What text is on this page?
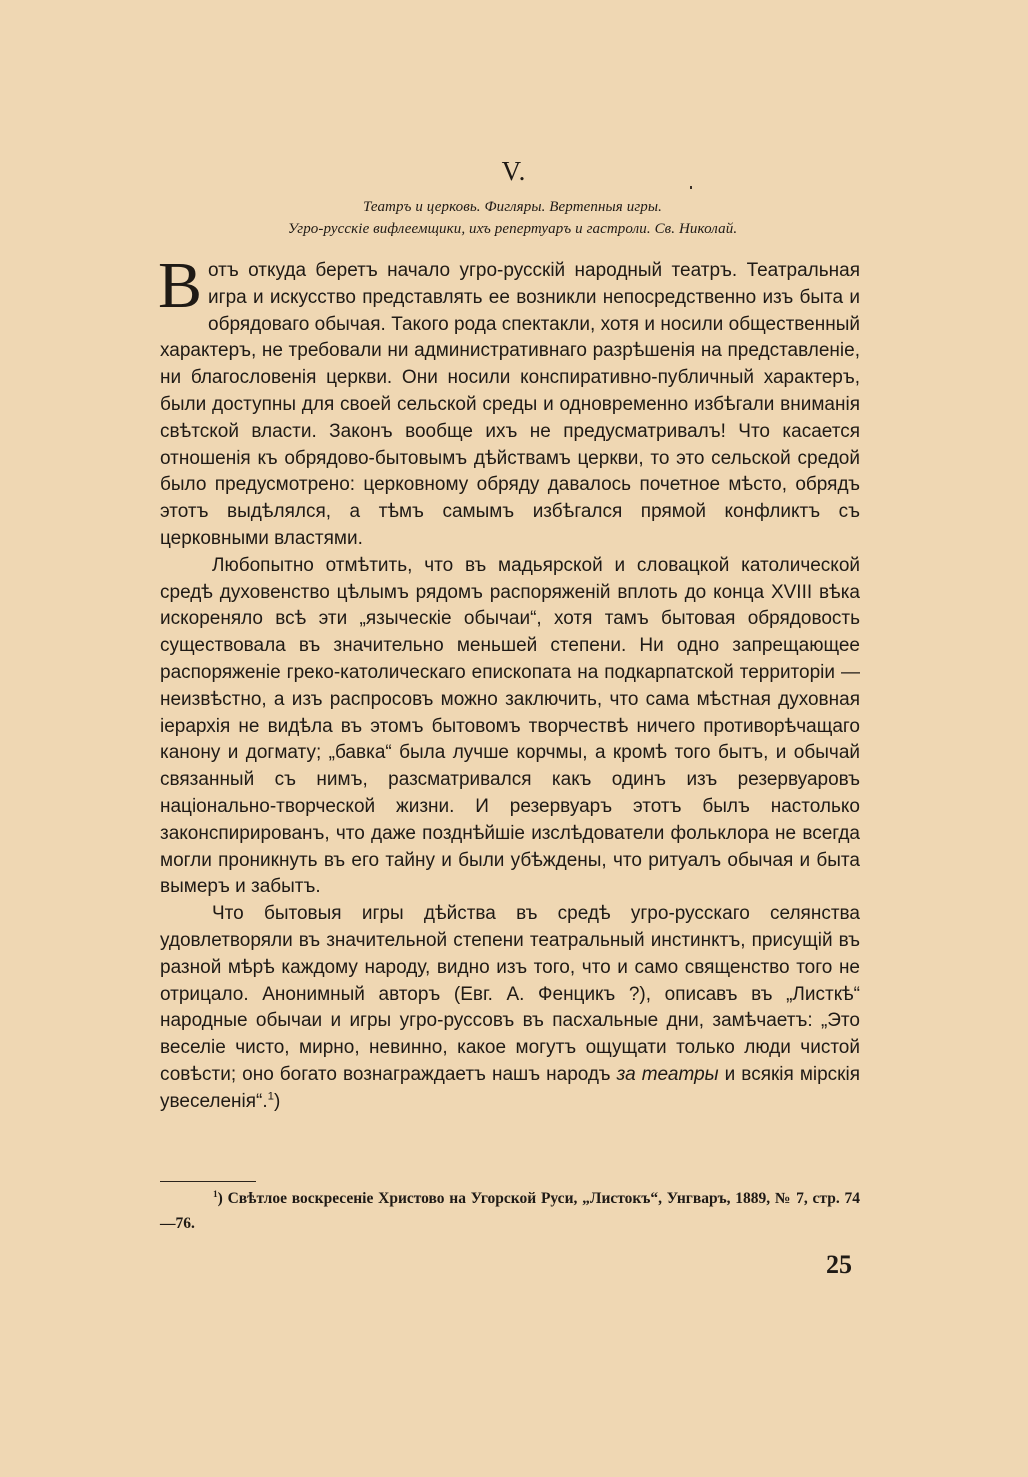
V.
Театръ и церковь. Фигляры. Вертепныя игры.
Угро-русскіе вифлеемщики, ихъ репертуаръ и гастроли. Св. Николай.

Вотъ откуда беретъ начало угро-русскій народный театръ. Театральная игра и искусство представлять ее возникли непосредственно изъ быта и обрядоваго обычая. Такого рода спектакли, хотя и носили общественный характеръ, не требовали ни административнаго разрѣшенія на представленіе, ни благословенія церкви. Они носили конспиративно-публичный характеръ, были доступны для своей сельской среды и одновременно избѣгали вниманія свѣтской власти. Законъ вообще ихъ не предусматривалъ! Что касается отношенія къ обрядово-бытовымъ дѣйствамъ церкви, то это сельской средой было предусмотрено: церковному обряду давалось почетное мѣсто, обрядъ этотъ выдѣлялся, а тѣмъ самымъ избѣгался прямой конфликтъ съ церковными властями.

Любопытно отмѣтить, что въ мадьярской и словацкой католической средѣ духовенство цѣлымъ рядомъ распоряженій вплоть до конца XVIII вѣка искореняло всѣ эти „языческіе обычаи“, хотя тамъ бытовая обрядовость существовала въ значительно меньшей степени. Ни одно запрещающее распоряженіе греко-католическаго епископата на подкарпатской территоріи — неизвѣстно, а изъ распросовъ можно заключить, что сама мѣстная духовная іерархія не видѣла въ этомъ бытовомъ творчествѣ ничего противорѣчащаго канону и догмату; „бавка“ была лучше корчмы, а кромѣ того бытъ, и обычай связанный съ нимъ, разсматривался какъ одинъ изъ резервуаровъ національно-творческой жизни. И резервуаръ этотъ былъ настолько законспирированъ, что даже позднѣйшіе изслѣдователи фольклора не всегда могли проникнуть въ его тайну и были убѣждены, что ритуалъ обычая и быта вымеръ и забытъ.

Что бытовыя игры дѣйства въ средѣ угро-русскаго селянства удовлетворяли въ значительной степени театральный инстинктъ, присущій въ разной мѣрѣ каждому народу, видно изъ того, что и само священство того не отрицало. Анонимный авторъ (Евг. А. Фенцикъ ?), описавъ въ „Листкѣ“ народные обычаи и игры угро-руссовъ въ пасхальные дни, замѣчаетъ: „Это веселіе чисто, мирно, невинно, какое могутъ ощущати только люди чистой совѣсти; оно богато вознаграждаетъ нашъ народъ за театры и всякія мірскія увеселенія“.$^1$)

$^1$) Свѣтлое воскресеніе Христово на Угорской Руси, „Листокъ“, Унгваръ, 1889, № 7, стр. 74—76.
25
